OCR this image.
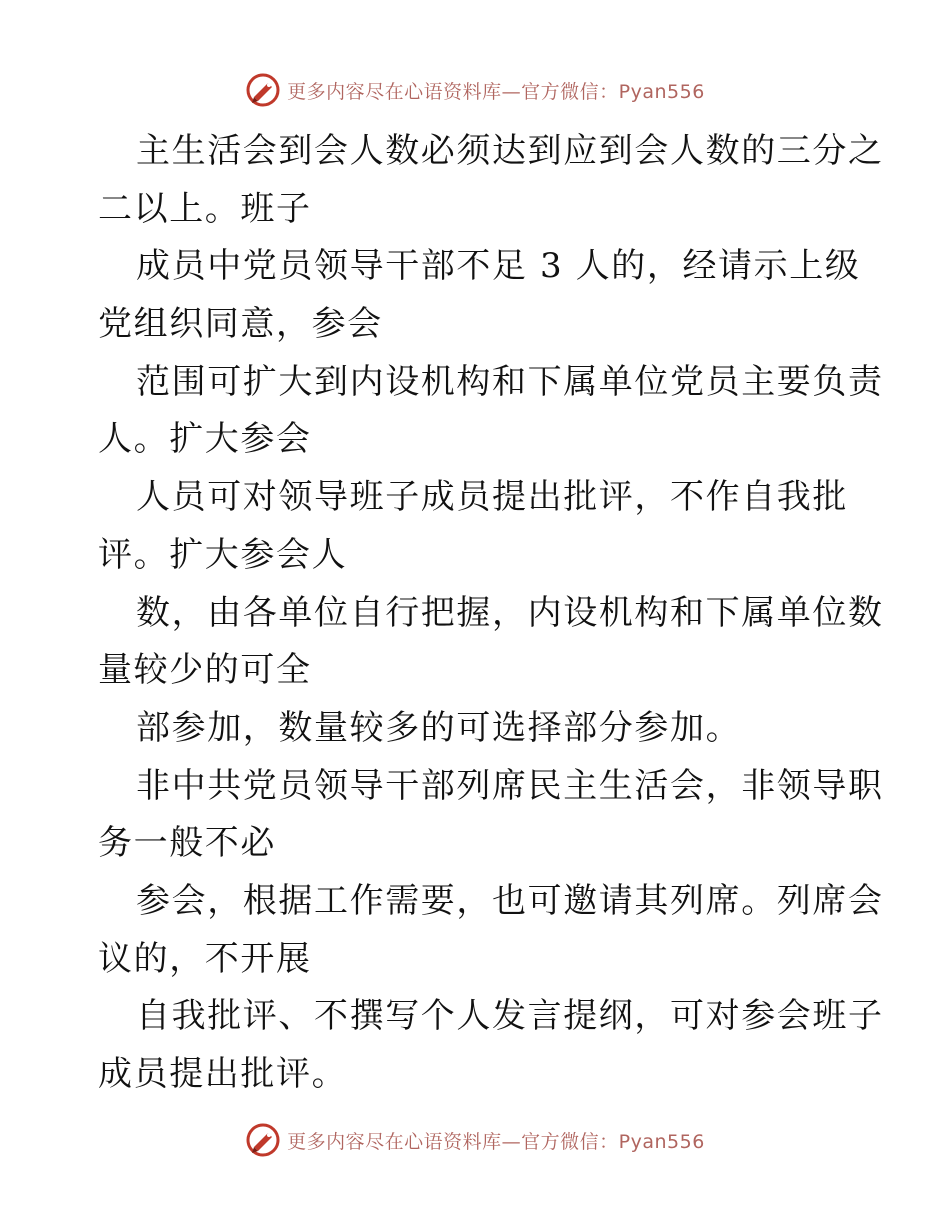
更多内容尽在心语资料库—官方微信：Pyan556
主生活会到会人数必须达到应到会人数的三分之
二以上。班子
成员中党员领导干部不足 3 人的，经请示上级
党组织同意，参会
范围可扩大到内设机构和下属单位党员主要负责
人。扩大参会
人员可对领导班子成员提出批评，不作自我批
评。扩大参会人
数，由各单位自行把握，内设机构和下属单位数
量较少的可全
部参加，数量较多的可选择部分参加。
非中共党员领导干部列席民主生活会，非领导职
务一般不必
参会，根据工作需要，也可邀请其列席。列席会
议的，不开展
自我批评、不撰写个人发言提纲，可对参会班子
成员提出批评。
更多内容尽在心语资料库—官方微信：Pyan556
